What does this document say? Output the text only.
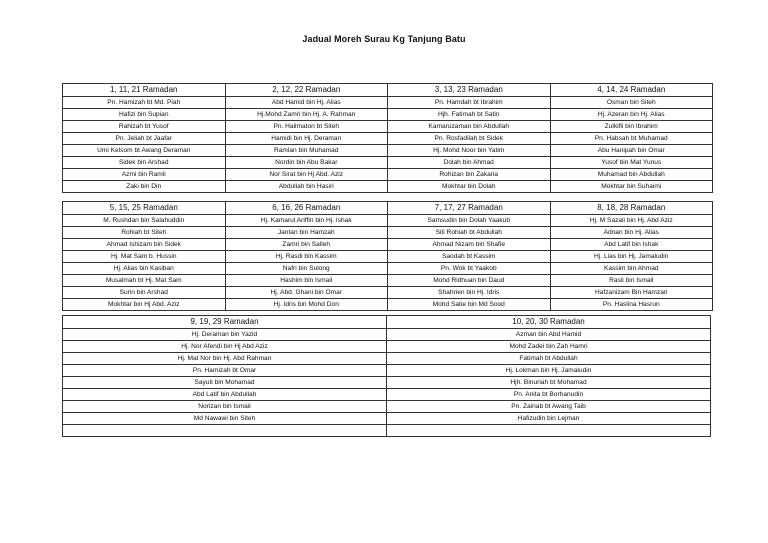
Jadual Moreh Surau Kg Tanjung Batu
1, 11, 21 Ramadan	2, 12, 22 Ramadan	3, 13, 23 Ramadan	4, 14, 24 Ramadan
Pn. Hamizah bt Md. Piah	Abd Hamid bin Hj. Alias	Pn. Hamdah bt Ibrahim	Osman bin Siteh
Hafizi bin Supian	Hj.Mohd Zamri bin Hj. A. Rahman	Hjh. Fatimah bt Satin	Hj. Azeran bin Hj. Alias
Rahizah bt Yusof	Pn. Halimaton bt Siteh	Kamaruzaman bin Abdullah	Zulkifli bin Ibrahim
Pn. Jeliah bt Jaafar	Hamidi bin Hj. Deraman	Pn. Rosfadilah bt Sidek	Pn. Habsah bt Muhamad
Umi Kelsom bt Awang Deraman	Ramlan bin Muhamad	Hj. Mohd Noor bin Yatim	Abu Hanipah bin Omar
Sidek bin Arshad	Nordin bin Abu Bakar	Dolah bin Ahmad	Yusof bin Mat Yunus
Azmi bin Ramli	Nor Sirat bin Hj Abd. Aziz	Rohizan bin Zakaria	Muhamad bin Abdullah
Zaki bin Din	Abdullah bin Hasiri	Mokhtar bin Dolah	Mokhtar bin Suhaimi
5, 15, 25 Ramadan	6, 16, 26 Ramadan	7, 17, 27 Ramadan	8, 18, 28 Ramadan
M. Rushdan bin Salahuddin	Hj. Kamarul Ariffin bin Hj. Ishak	Samsudin bin Dolah Yaakub	Hj. M Sazali bin Hj. Abd Aziz
Rohiah bt Siteh	Jantan bin Hamzah	Siti Rohiah bt Abdullah	Adnan bin Hj. Alias
Ahmad Ishizam bin Sidek	Zamri bin Salleh	Ahmad Nizam bin Shafie	Abd Latif bin Ishak
Hj. Mat Sam b. Hussin	Hj. Rasdi bin Kassim	Saodah bt Kassim	Hj. Lias bin Hj. Jamaludin
Hj. Alias bin Kasiban	Nafri bin Sulong	Pn. Wok bt Yaakob	Kassim bin Ahmad
Musalmah bt Hj. Mat Sam	Hashim bin Ismail	Mohd Ridhuan bin Daud	Rasli bin Ismail
Surin bin Arshad	Hj. Abd. Ghani bin Omar	Shahrien bin Hj. Idris	Hafzanizam Bin Hamzari
Mokhtar bin Hj Abd. Aziz	Hj. Idris bin Mohd Don	Mohd Satie bin Md Sood	Pn. Haslina Hasrun
9, 19, 29 Ramadan	10, 20, 30 Ramadan
Hj. Deraman bin Yazid	Azman bin Abd Hamid
Hj. Nor Afendi bin Hj Abd Aziz	Mohd Zadei bin Zah Hamri
Hj. Mat Nor bin Hj. Abd Rahman	Fatimah bt Abdullah
Pn. Hamizah bt Omar	Hj. Lokman bin Hj. Jamaludin
Sayuti bin Mohamad	Hjh. Binuriah bt Mohamad
Abd Latif bin Abdullah	Pn. Anita bt Borhanudin
Norizan bin Ismail	Pn. Zainab bt Awang Taib
Md Nawawi bin Siteh	Hafizudin bin Lejman
